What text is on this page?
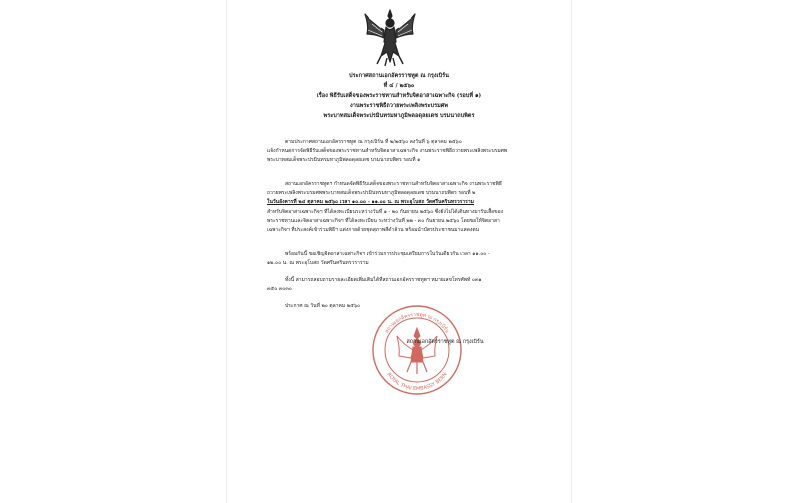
ประกาศสถานเอกอัครราชทูต ณ กรุงเบิร์น
ที่ ๔ / ๒๕๖๐
เรื่อง พิธีรับเสด็จของพระราชทานสำหรับจิตอาสาเฉพาะกิจ (รอบที่ ๑)
งานพระราชพิธีถวายพระเพลิงพระบรมศพ
พระบาทสมเด็จพระปรมินทรมหาภูมิพลอดุลยเดช บรมนาถบพิตร
ตามประกาศสถานเอกอัครราชทูต ณ กรุงเบิร์น ที่ ๒/๒๕๖๐ ลงวันที่ ๖ ตุลาคม ๒๕๖๐
แจ้งกำหนดการจัดพิธีรับเสด็จของพระราชทานสำหรับจิตอาสาเฉพาะกิจ งานพระราชพิธีถวายพระเพลิงพระบรมศพ
พระบาทสมเด็จพระปรมินทรมหาภูมิพลอดุลยเดช บรมนาถบพิตร รอบที่ ๑
สถานเอกอัครราชทูตฯ กำหนดจัดพิธีรับเสด็จของพระราชทานสำหรับจิตอาสาเฉพาะกิจ งานพระราชพิธี
ถวายพระเพลิงพระบรมศพพระบาทสมเด็จพระปรมินทรมหาภูมิพลอดุลยเดช บรมนาถบพิตร รอบที่ ๒
ในวันอังคารที่ ๒๔ ตุลาคม ๒๕๖๐ เวลา ๑๐.๐๐ - ๑๑.๐๐ น. ณ พระอุโบสถ วัดศรีนครินทรวราราม
สำหรับจิตอาสาเฉพาะกิจฯ ที่ได้ลงทะเบียนระหว่างวันที่ ๑ - ๒๐ กันยายน ๒๕๖๐ ซึ่งยังไม่ได้เดินทางมารับเสื้อของ
พระราชทานและจิตอาสาเฉพาะกิจฯ ที่ได้ลงทะเบียน ระหว่างวันที่ ๒๒ - ๓๐ กันยายน ๒๕๖๐ โดยขอให้จิตอาสา
เฉพาะกิจฯ ที่ประสงค์เข้าร่วมพิธีฯ แต่งกายด้วยชุดสุภาพสีดำล้วน พร้อมนำบัตรประชาชนมาแสดงตน
พร้อมกันนี้ ขอเชิญจิตอาสาเฉพาะกิจฯ เข้าร่วมการประชุมเตรียมการในวันเดียวกัน เวลา ๑๑.๐๐ -
๑๒.๐๐ น. ณ พระอุโบสถ วัดศรีนครินทรวราราม
ทั้งนี้ สามารถสอบถามรายละเอียดเพิ่มเติมได้ที่สถานเอกอัครราชทูตฯ หมายเลขโทรศัพท์ ๐๓๑
๓๕๐ ๓๐๓๐
ประกาศ ณ วันที่ ๒๐ ตุลาคม ๒๕๖๐
สถานเอกอัครราชทูต ณ กรุงเบิร์น
ROYAL THAI EMBASSY BERN
สถานเอกอัครราชทูต ณ กรุงเบิร์น
